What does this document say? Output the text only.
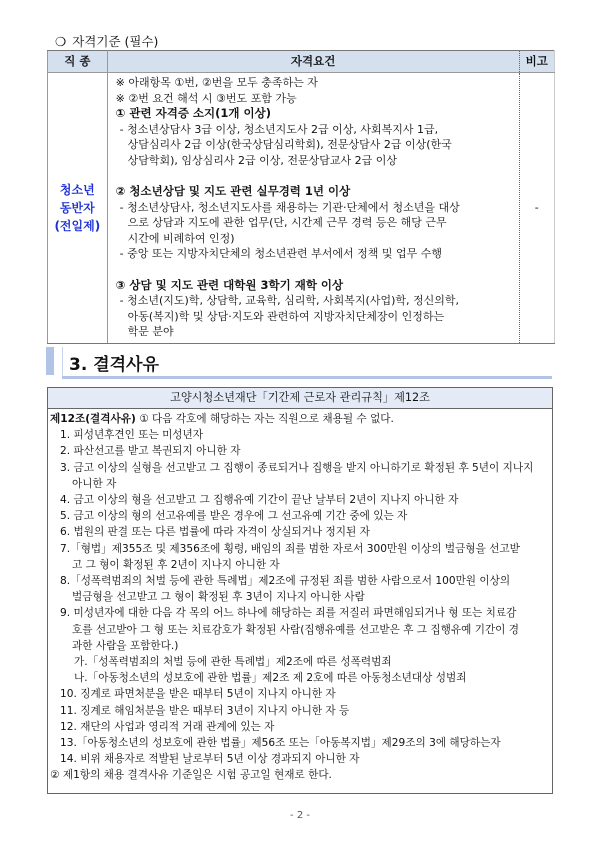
❍ 자격기준 (필수)
직 종	자격요건	비고

청소년
동반자
(전일제)

※ 아래항목 ①번, ②번을 모두 충족하는 자
※ ②번 요건 해석 시 ③번도 포함 가능
① 관련 자격증 소지(1개 이상)
- 청소년상담사 3급 이상, 청소년지도사 2급 이상, 사회복지사 1급,
상담심리사 2급 이상(한국상담심리학회), 전문상담사 2급 이상(한국
상담학회), 임상심리사 2급 이상, 전문상담교사 2급 이상
② 청소년상담 및 지도 관련 실무경력 1년 이상
- 청소년상담사, 청소년지도사를 채용하는 기관·단체에서 청소년을 대상
으로 상담과 지도에 관한 업무(단, 시간제 근무 경력 등은 해당 근무
시간에 비례하여 인정)
- 중앙 또는 지방자치단체의 청소년관련 부서에서 정책 및 업무 수행
③ 상담 및 지도 관련 대학원 3학기 재학 이상
- 청소년(지도)학, 상담학, 교육학, 심리학, 사회복지(사업)학, 정신의학,
아동(복지)학 및 상담·지도와 관련하여 지방자치단체장이 인정하는
학문 분야
	-
3. 결격사유
고양시청소년재단「기간제 근로자 관리규칙」제12조
제12조(결격사유) ① 다음 각호에 해당하는 자는 직원으로 채용될 수 없다.
1. 피성년후견인 또는 미성년자
2. 파산선고를 받고 복권되지 아니한 자
3. 금고 이상의 실형을 선고받고 그 집행이 종료되거나 집행을 받지 아니하기로 확정된 후 5년이 지나지
아니한 자
4. 금고 이상의 형을 선고받고 그 집행유예 기간이 끝난 날부터 2년이 지나지 아니한 자
5. 금고 이상의 형의 선고유예를 받은 경우에 그 선고유예 기간 중에 있는 자
6. 법원의 판결 또는 다른 법률에 따라 자격이 상실되거나 정지된 자
7.「형법」제355조 및 제356조에 횡령, 배임의 죄를 범한 자로서 300만원 이상의 벌금형을 선고받
고 그 형이 확정된 후 2년이 지나지 아니한 자
8.「성폭력범죄의 처벌 등에 관한 특례법」제2조에 규정된 죄를 범한 사람으로서 100만원 이상의
벌금형을 선고받고 그 형이 확정된 후 3년이 지나지 아니한 사람
9. 미성년자에 대한 다음 각 목의 어느 하나에 해당하는 죄를 저질러 파면해임되거나 형 또는 치료감
호를 선고받아 그 형 또는 치료감호가 확정된 사람(집행유예를 선고받은 후 그 집행유예 기간이 경
과한 사람을 포함한다.)
가.「성폭력범죄의 처벌 등에 관한 특례법」제2조에 따른 성폭력범죄
나.「아동청소년의 성보호에 관한 법률」제2조 제 2호에 따른 아동청소년대상 성범죄
10. 징계로 파면처분을 받은 때부터 5년이 지나지 아니한 자
11. 징계로 해임처분을 받은 때부터 3년이 지나지 아니한 자 등
12. 재단의 사업과 영리적 거래 관계에 있는 자
13.「아동청소년의 성보호에 관한 법률」제56조 또는「아동복지법」제29조의 3에 해당하는자
14. 비위 채용자로 적발된 날로부터 5년 이상 경과되지 아니한 자
② 제1항의 채용 결격사유 기준일은 시험 공고일 현재로 한다.
- 2 -
